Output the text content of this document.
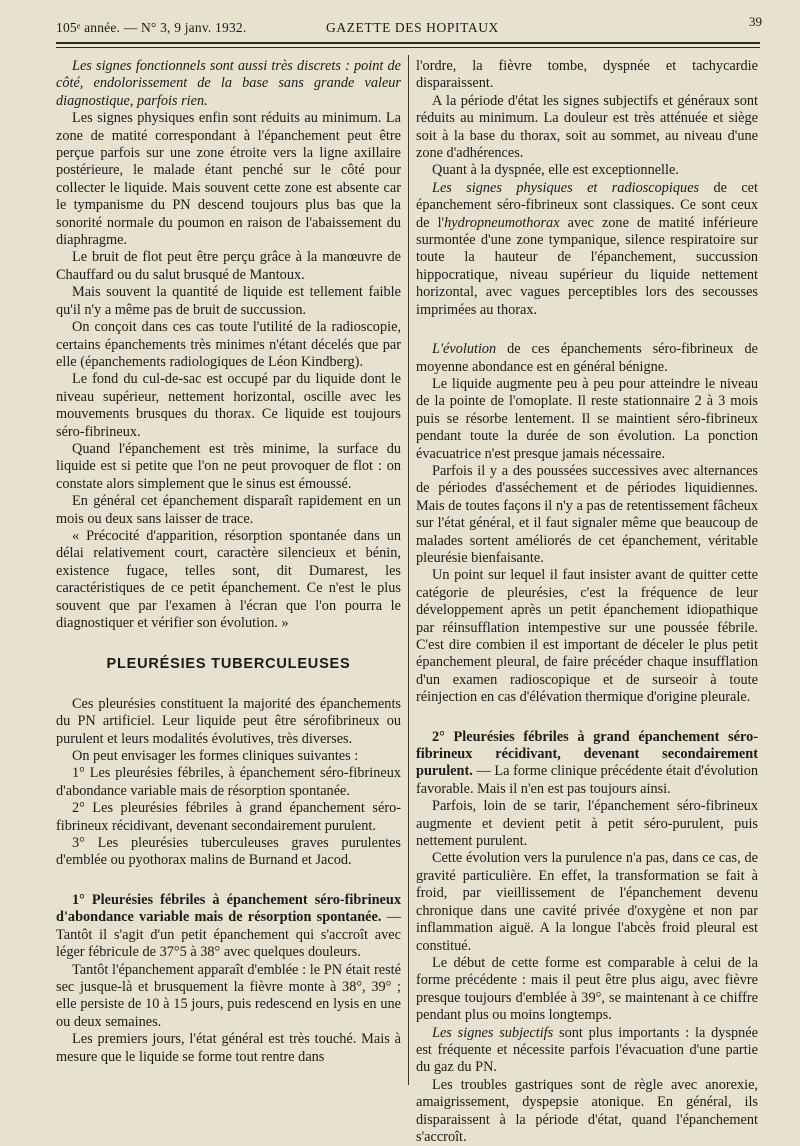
105ᵉ année. — N° 3, 9 janv. 1932.	GAZETTE DES HOPITAUX	39

Les signes fonctionnels sont aussi très discrets : point de côté, endolorissement de la base sans grande valeur diagnostique, parfois rien.

Les signes physiques enfin sont réduits au minimum. La zone de matité correspondant à l'épanchement peut être perçue parfois sur une zone étroite vers la ligne axillaire postérieure, le malade étant penché sur le côté pour collecter le liquide. Mais souvent cette zone est absente car le tympanisme du PN descend toujours plus bas que la sonorité normale du poumon en raison de l'abaissement du diaphragme.

Le bruit de flot peut être perçu grâce à la manœuvre de Chauffard ou du salut brusqué de Mantoux.

Mais souvent la quantité de liquide est tellement faible qu'il n'y a même pas de bruit de succussion.

On conçoit dans ces cas toute l'utilité de la radioscopie, certains épanchements très minimes n'étant décelés que par elle (épanchements radiologiques de Léon Kindberg).

Le fond du cul-de-sac est occupé par du liquide dont le niveau supérieur, nettement horizontal, oscille avec les mouvements brusques du thorax. Ce liquide est toujours séro-fibrineux.

Quand l'épanchement est très minime, la surface du liquide est si petite que l'on ne peut provoquer de flot : on constate alors simplement que le sinus est émoussé.

En général cet épanchement disparaît rapidement en un mois ou deux sans laisser de trace.

« Précocité d'apparition, résorption spontanée dans un délai relativement court, caractère silencieux et bénin, existence fugace, telles sont, dit Dumarest, les caractéristiques de ce petit épanchement. Ce n'est le plus souvent que par l'examen à l'écran que l'on pourra le diagnostiquer et vérifier son évolution. »

PLEURÉSIES TUBERCULEUSES

Ces pleurésies constituent la majorité des épanchements du PN artificiel. Leur liquide peut être sérofibrineux ou purulent et leurs modalités évolutives, très diverses.

On peut envisager les formes cliniques suivantes :

1° Les pleurésies fébriles, à épanchement séro-fibrineux d'abondance variable mais de résorption spontanée.

2° Les pleurésies fébriles à grand épanchement séro-fibrineux récidivant, devenant secondairement purulent.

3° Les pleurésies tuberculeuses graves purulentes d'emblée ou pyothorax malins de Burnand et Jacod.

1° Pleurésies fébriles à épanchement séro-fibrineux d'abondance variable mais de résorption spontanée. — Tantôt il s'agit d'un petit épanchement qui s'accroît avec léger fébricule de 37°5 à 38° avec quelques douleurs.

Tantôt l'épanchement apparaît d'emblée : le PN était resté sec jusque-là et brusquement la fièvre monte à 38°, 39° ; elle persiste de 10 à 15 jours, puis redescend en lysis en une ou deux semaines.

Les premiers jours, l'état général est très touché. Mais à mesure que le liquide se forme tout rentre dans

l'ordre, la fièvre tombe, dyspnée et tachycardie disparaissent.

A la période d'état les signes subjectifs et généraux sont réduits au minimum. La douleur est très atténuée et siège soit à la base du thorax, soit au sommet, au niveau d'une zone d'adhérences.

Quant à la dyspnée, elle est exceptionnelle.

Les signes physiques et radioscopiques de cet épanchement séro-fibrineux sont classiques. Ce sont ceux de l'hydropneumothorax avec zone de matité inférieure surmontée d'une zone tympanique, silence respiratoire sur toute la hauteur de l'épanchement, succussion hippocratique, niveau supérieur du liquide nettement horizontal, avec vagues perceptibles lors des secousses imprimées au thorax.

L'évolution de ces épanchements séro-fibrineux de moyenne abondance est en général bénigne.

Le liquide augmente peu à peu pour atteindre le niveau de la pointe de l'omoplate. Il reste stationnaire 2 à 3 mois puis se résorbe lentement. Il se maintient séro-fibrineux pendant toute la durée de son évolution. La ponction évacuatrice n'est presque jamais nécessaire.

Parfois il y a des poussées successives avec alternances de périodes d'asséchement et de périodes liquidiennes. Mais de toutes façons il n'y a pas de retentissement fâcheux sur l'état général, et il faut signaler même que beaucoup de malades sortent améliorés de cet épanchement, véritable pleurésie bienfaisante.

Un point sur lequel il faut insister avant de quitter cette catégorie de pleurésies, c'est la fréquence de leur développement après un petit épanchement idiopathique par réinsufflation intempestive sur une poussée fébrile. C'est dire combien il est important de déceler le plus petit épanchement pleural, de faire précéder chaque insufflation d'un examen radioscopique et de surseoir à toute réinjection en cas d'élévation thermique d'origine pleurale.

2° Pleurésies fébriles à grand épanchement séro-fibrineux récidivant, devenant secondairement purulent. — La forme clinique précédente était d'évolution favorable. Mais il n'en est pas toujours ainsi.

Parfois, loin de se tarir, l'épanchement séro-fibrineux augmente et devient petit à petit séro-purulent, puis nettement purulent.

Cette évolution vers la purulence n'a pas, dans ce cas, de gravité particulière. En effet, la transformation se fait à froid, par vieillissement de l'épanchement devenu chronique dans une cavité privée d'oxygène et non par inflammation aiguë. A la longue l'abcès froid pleural est constitué.

Le début de cette forme est comparable à celui de la forme précédente : mais il peut être plus aigu, avec fièvre presque toujours d'emblée à 39°, se maintenant à ce chiffre pendant plus ou moins longtemps.

Les signes subjectifs sont plus importants : la dyspnée est fréquente et nécessite parfois l'évacuation d'une partie du gaz du PN.

Les troubles gastriques sont de règle avec anorexie, amaigrissement, dyspepsie atonique. En général, ils disparaissent à la période d'état, quand l'épanchement s'accroît.
